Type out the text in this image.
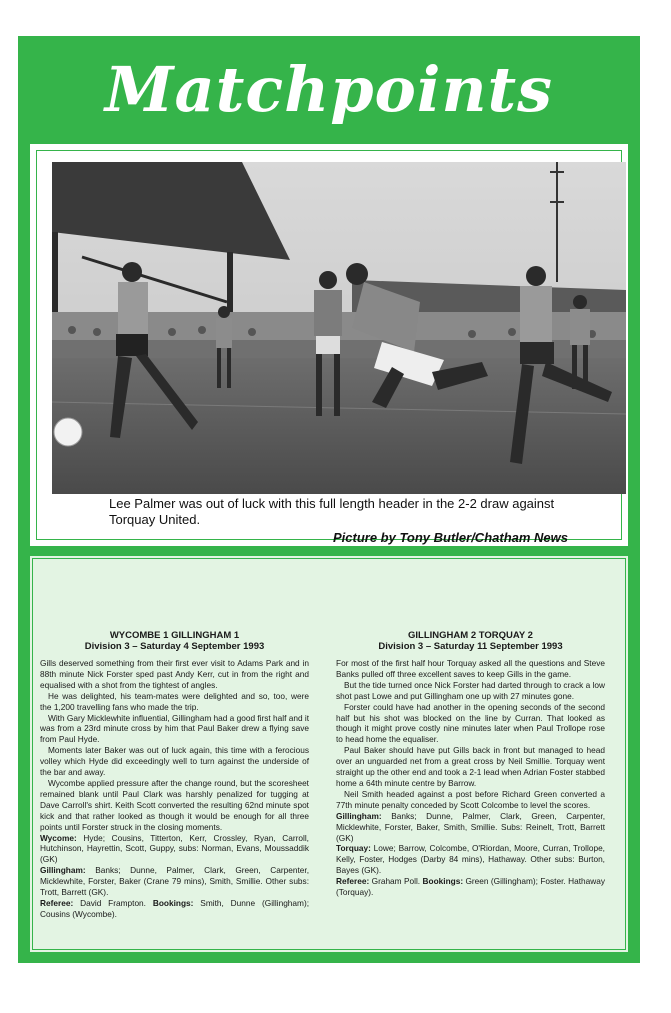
Matchpoints
Lee Palmer was out of luck with this full length header in the 2-2 draw against Torquay United.
Picture by Tony Butler/Chatham News
WYCOMBE 1 GILLINGHAM 1
Division 3 – Saturday 4 September 1993

Gills deserved something from their first ever visit to Adams Park and in 88th minute Nick Forster sped past Andy Kerr, cut in from the right and equalised with a shot from the tightest of angles.

He was delighted, his team-mates were delighted and so, too, were the 1,200 travelling fans who made the trip.

With Gary Micklewhite influential, Gillingham had a good first half and it was from a 23rd minute cross by him that Paul Baker drew a flying save from Paul Hyde.

Moments later Baker was out of luck again, this time with a ferocious volley which Hyde did exceedingly well to turn against the underside of the bar and away.

Wycombe applied pressure after the change round, but the scoresheet remained blank until Paul Clark was harshly penalized for tugging at Dave Carroll's shirt. Keith Scott converted the resulting 62nd minute spot kick and that rather looked as though it would be enough for all three points until Forster struck in the closing moments.

Wycome: Hyde; Cousins, Titterton, Kerr, Crossley, Ryan, Carroll, Hutchinson, Hayrettin, Scott, Guppy, subs: Norman, Evans, Moussaddik (GK)

Gillingham: Banks; Dunne, Palmer, Clark, Green, Carpenter, Micklewhite, Forster, Baker (Crane 79 mins), Smith, Smillie. Other subs: Trott, Barrett (GK).

Referee: David Frampton. Bookings: Smith, Dunne (Gillingham); Cousins (Wycombe).

GILLINGHAM 2 TORQUAY 2
Division 3 – Saturday 11 September 1993

For most of the first half hour Torquay asked all the questions and Steve Banks pulled off three excellent saves to keep Gills in the game.

But the tide turned once Nick Forster had darted through to crack a low shot past Lowe and put Gillingham one up with 27 minutes gone.

Forster could have had another in the opening seconds of the second half but his shot was blocked on the line by Curran. That looked as though it might prove costly nine minutes later when Paul Trollope rose to head home the equaliser.

Paul Baker should have put Gills back in front but managed to head over an unguarded net from a great cross by Neil Smillie. Torquay went straight up the other end and took a 2-1 lead when Adrian Foster stabbed home a 64th minute centre by Barrow.

Neil Smith headed against a post before Richard Green converted a 77th minute penalty conceded by Scott Colcombe to level the scores.

Gillingham: Banks; Dunne, Palmer, Clark, Green, Carpenter, Micklewhite, Forster, Baker, Smith, Smillie. Subs: Reinelt, Trott, Barrett (GK)

Torquay: Lowe; Barrow, Colcombe, O'Riordan, Moore, Curran, Trollope, Kelly, Foster, Hodges (Darby 84 mins), Hathaway. Other subs: Burton, Bayes (GK).

Referee: Graham Poll. Bookings: Green (Gillingham); Foster. Hathaway (Torquay).
